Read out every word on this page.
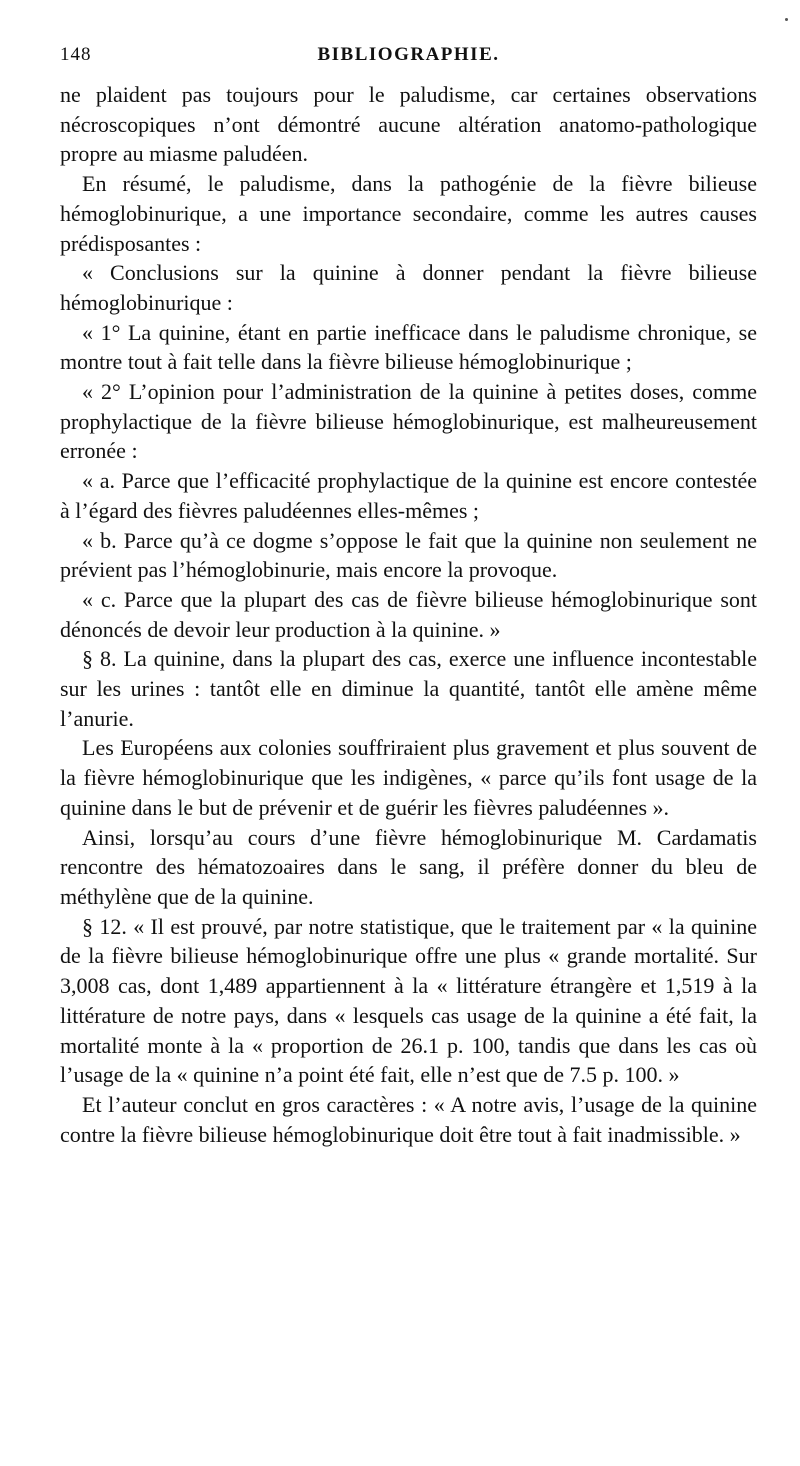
148	BIBLIOGRAPHIE.

ne plaident pas toujours pour le paludisme, car certaines observations nécroscopiques n’ont démontré aucune altération anatomo-pathologique propre au miasme paludéen.

En résumé, le paludisme, dans la pathogénie de la fièvre bilieuse hémoglobinurique, a une importance secondaire, comme les autres causes prédisposantes :

« Conclusions sur la quinine à donner pendant la fièvre bilieuse hémoglobinurique :

« 1° La quinine, étant en partie inefficace dans le paludisme chronique, se montre tout à fait telle dans la fièvre bilieuse hémoglobinurique ;

« 2° L’opinion pour l’administration de la quinine à petites doses, comme prophylactique de la fièvre bilieuse hémoglobinurique, est malheureusement erronée :

« a. Parce que l’efficacité prophylactique de la quinine est encore contestée à l’égard des fièvres paludéennes elles-mêmes ;

« b. Parce qu’à ce dogme s’oppose le fait que la quinine non seulement ne prévient pas l’hémoglobinurie, mais encore la provoque.

« c. Parce que la plupart des cas de fièvre bilieuse hémoglobinurique sont dénoncés de devoir leur production à la quinine. »

§ 8. La quinine, dans la plupart des cas, exerce une influence incontestable sur les urines : tantôt elle en diminue la quantité, tantôt elle amène même l’anurie.

Les Européens aux colonies souffriraient plus gravement et plus souvent de la fièvre hémoglobinurique que les indigènes, « parce qu’ils font usage de la quinine dans le but de prévenir et de guérir les fièvres paludéennes ».

Ainsi, lorsqu’au cours d’une fièvre hémoglobinurique M. Cardamatis rencontre des hématozoaires dans le sang, il préfère donner du bleu de méthylène que de la quinine.

§ 12. « Il est prouvé, par notre statistique, que le traitement par « la quinine de la fièvre bilieuse hémoglobinurique offre une plus « grande mortalité. Sur 3,008 cas, dont 1,489 appartiennent à la « littérature étrangère et 1,519 à la littérature de notre pays, dans « lesquels cas usage de la quinine a été fait, la mortalité monte à la « proportion de 26.1 p. 100, tandis que dans les cas où l’usage de la « quinine n’a point été fait, elle n’est que de 7.5 p. 100. »

Et l’auteur conclut en gros caractères : « A notre avis, l’usage de la quinine contre la fièvre bilieuse hémoglobinurique doit être tout à fait inadmissible. »
